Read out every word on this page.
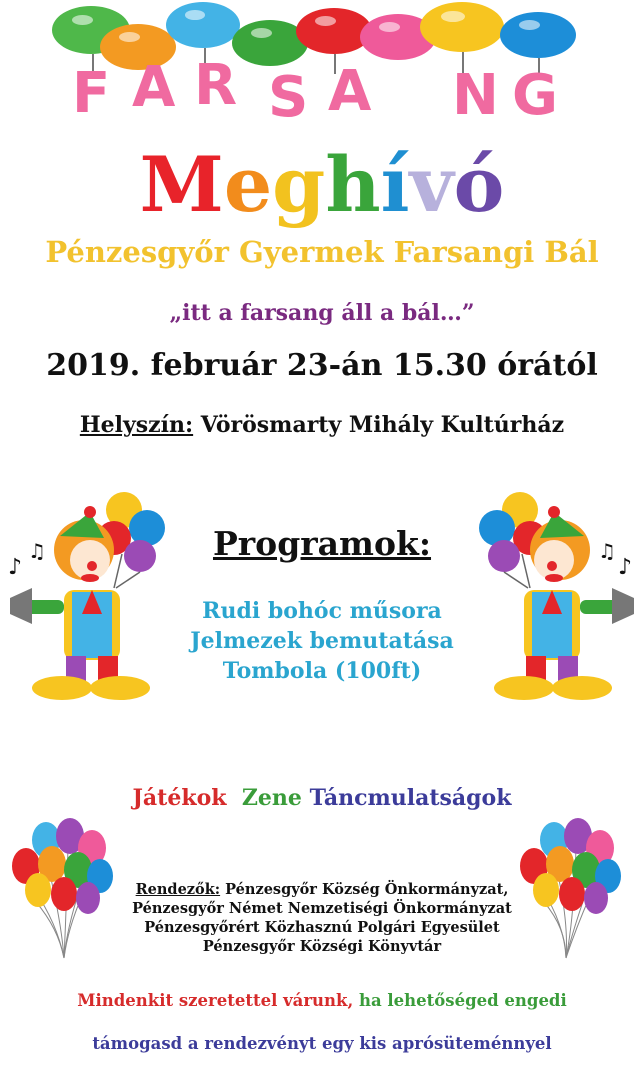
F A R S A N G
Meghívó
Pénzesgyőr Gyermek Farsangi Bál
„itt a farsang áll a bál…”
2019. február 23-án 15.30 órától
Helyszín: Vörösmarty Mihály Kultúrház
♪
♫
♪
♫
Programok:
Rudi bohóc műsora
Jelmezek bemutatása
Tombola (100ft)
Játékok Zene Táncmulatságok
Rendezők: Pénzesgyőr Község Önkormányzat,
Pénzesgyőr Német Nemzetiségi Önkormányzat
Pénzesgyőrért Közhasznú Polgári Egyesület
Pénzesgyőr Községi Könyvtár
Mindenkit szeretettel várunk, ha lehetőséged engedi
támogasd a rendezvényt egy kis aprósüteménnyel
